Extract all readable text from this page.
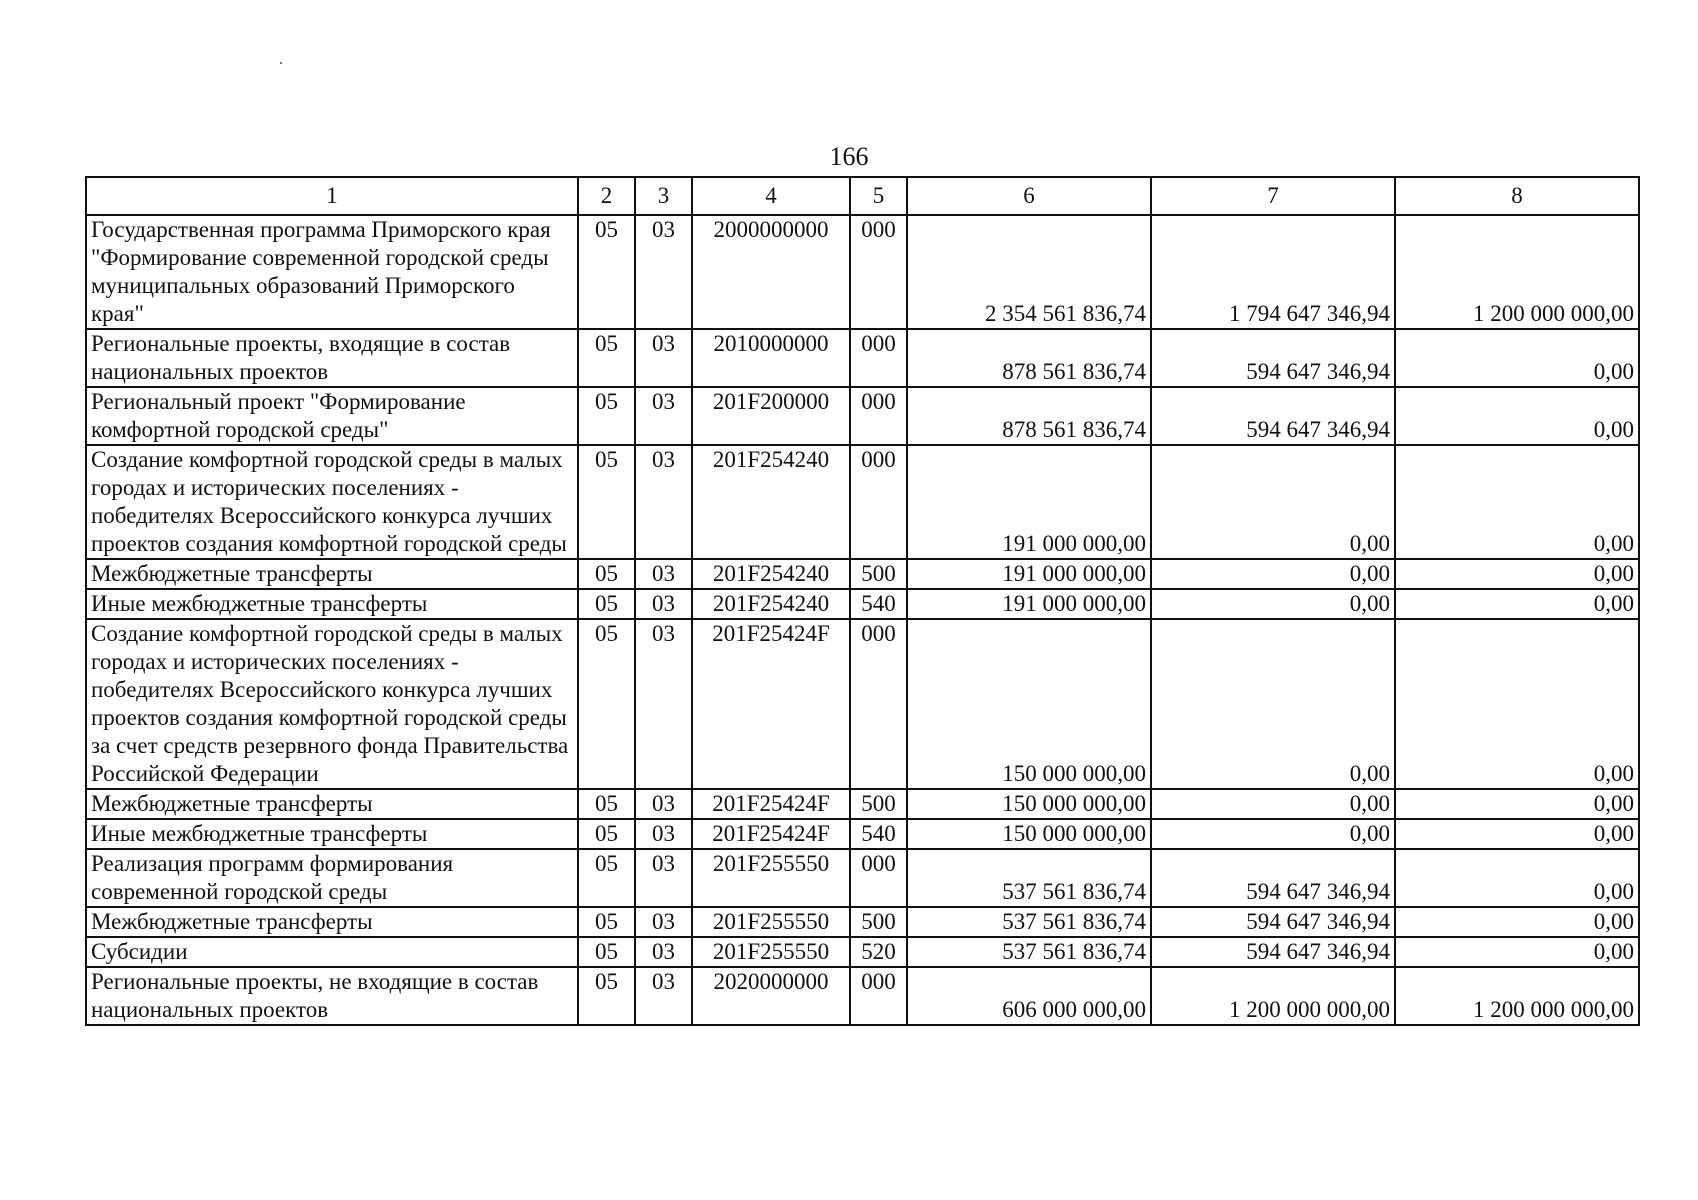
166
1	2	3	4	5	6	7	8
Государственная программа Приморского края "Формирование современной городской среды муниципальных образований Приморского края"	05	03	2000000000	000	2 354 561 836,74	1 794 647 346,94	1 200 000 000,00
Региональные проекты, входящие в состав национальных проектов	05	03	2010000000	000	878 561 836,74	594 647 346,94	0,00
Региональный проект "Формирование комфортной городской среды"	05	03	201F200000	000	878 561 836,74	594 647 346,94	0,00
Создание комфортной городской среды в малых городах и исторических поселениях - победителях Всероссийского конкурса лучших проектов создания комфортной городской среды	05	03	201F254240	000	191 000 000,00	0,00	0,00
Межбюджетные трансферты	05	03	201F254240	500	191 000 000,00	0,00	0,00
Иные межбюджетные трансферты	05	03	201F254240	540	191 000 000,00	0,00	0,00
Создание комфортной городской среды в малых городах и исторических поселениях - победителях Всероссийского конкурса лучших проектов создания комфортной городской среды за счет средств резервного фонда Правительства Российской Федерации	05	03	201F25424F	000	150 000 000,00	0,00	0,00
Межбюджетные трансферты	05	03	201F25424F	500	150 000 000,00	0,00	0,00
Иные межбюджетные трансферты	05	03	201F25424F	540	150 000 000,00	0,00	0,00
Реализация программ формирования современной городской среды	05	03	201F255550	000	537 561 836,74	594 647 346,94	0,00
Межбюджетные трансферты	05	03	201F255550	500	537 561 836,74	594 647 346,94	0,00
Субсидии	05	03	201F255550	520	537 561 836,74	594 647 346,94	0,00
Региональные проекты, не входящие в состав национальных проектов	05	03	2020000000	000	606 000 000,00	1 200 000 000,00	1 200 000 000,00
